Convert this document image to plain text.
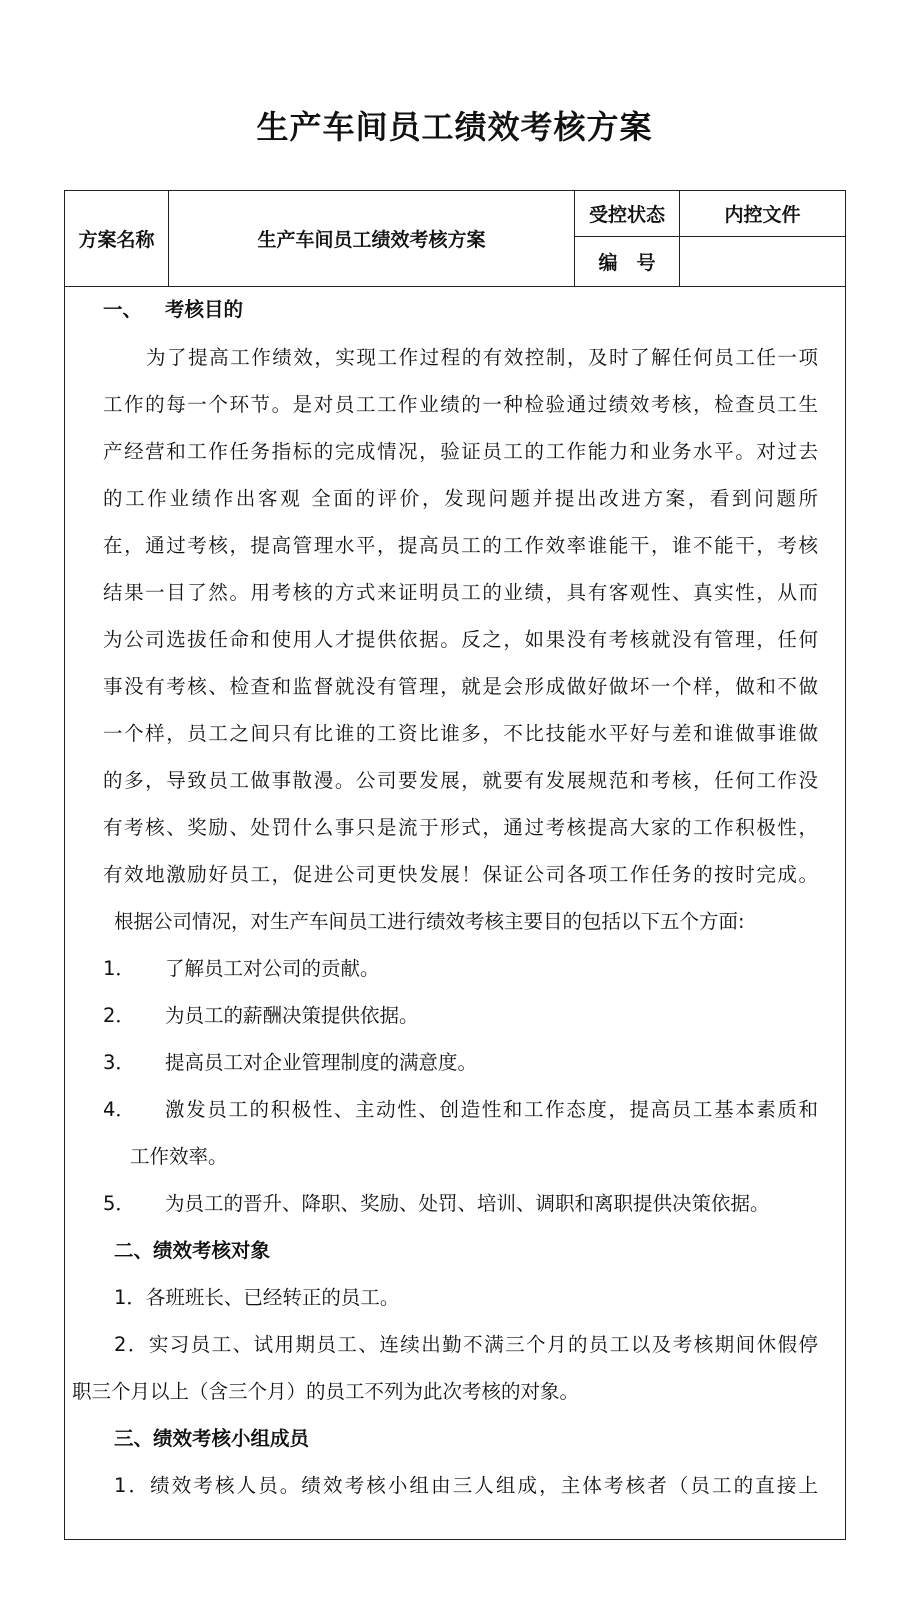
生产车间员工绩效考核方案
方案名称	生产车间员工绩效考核方案
受控状态	内控文件
编　号
一、 考核目的
为了提高工作绩效，实现工作过程的有效控制，及时了解任何员工任一项
工作的每一个环节。是对员工工作业绩的一种检验通过绩效考核，检查员工生
产经营和工作任务指标的完成情况，验证员工的工作能力和业务水平。对过去
的工作业绩作出客观 全面的评价，发现问题并提出改进方案，看到问题所
在，通过考核，提高管理水平，提高员工的工作效率谁能干，谁不能干，考核
结果一目了然。用考核的方式来证明员工的业绩，具有客观性、真实性，从而
为公司选拔任命和使用人才提供依据。反之，如果没有考核就没有管理，任何
事没有考核、检查和监督就没有管理，就是会形成做好做坏一个样，做和不做
一个样，员工之间只有比谁的工资比谁多，不比技能水平好与差和谁做事谁做
的多，导致员工做事散漫。公司要发展，就要有发展规范和考核，任何工作没
有考核、奖励、处罚什么事只是流于形式，通过考核提高大家的工作积极性，
有效地激励好员工，促进公司更快发展！保证公司各项工作任务的按时完成。
根据公司情况，对生产车间员工进行绩效考核主要目的包括以下五个方面:
1． 了解员工对公司的贡献。
2． 为员工的薪酬决策提供依据。
3． 提高员工对企业管理制度的满意度。
4． 激发员工的积极性、主动性、创造性和工作态度，提高员工基本素质和
工作效率。
5． 为员工的晋升、降职、奖励、处罚、培训、调职和离职提供决策依据。
二、绩效考核对象
1．各班班长、已经转正的员工。
2．实习员工、试用期员工、连续出勤不满三个月的员工以及考核期间休假停
职三个月以上（含三个月）的员工不列为此次考核的对象。
三、绩效考核小组成员
1．绩效考核人员。绩效考核小组由三人组成，主体考核者（员工的直接上
